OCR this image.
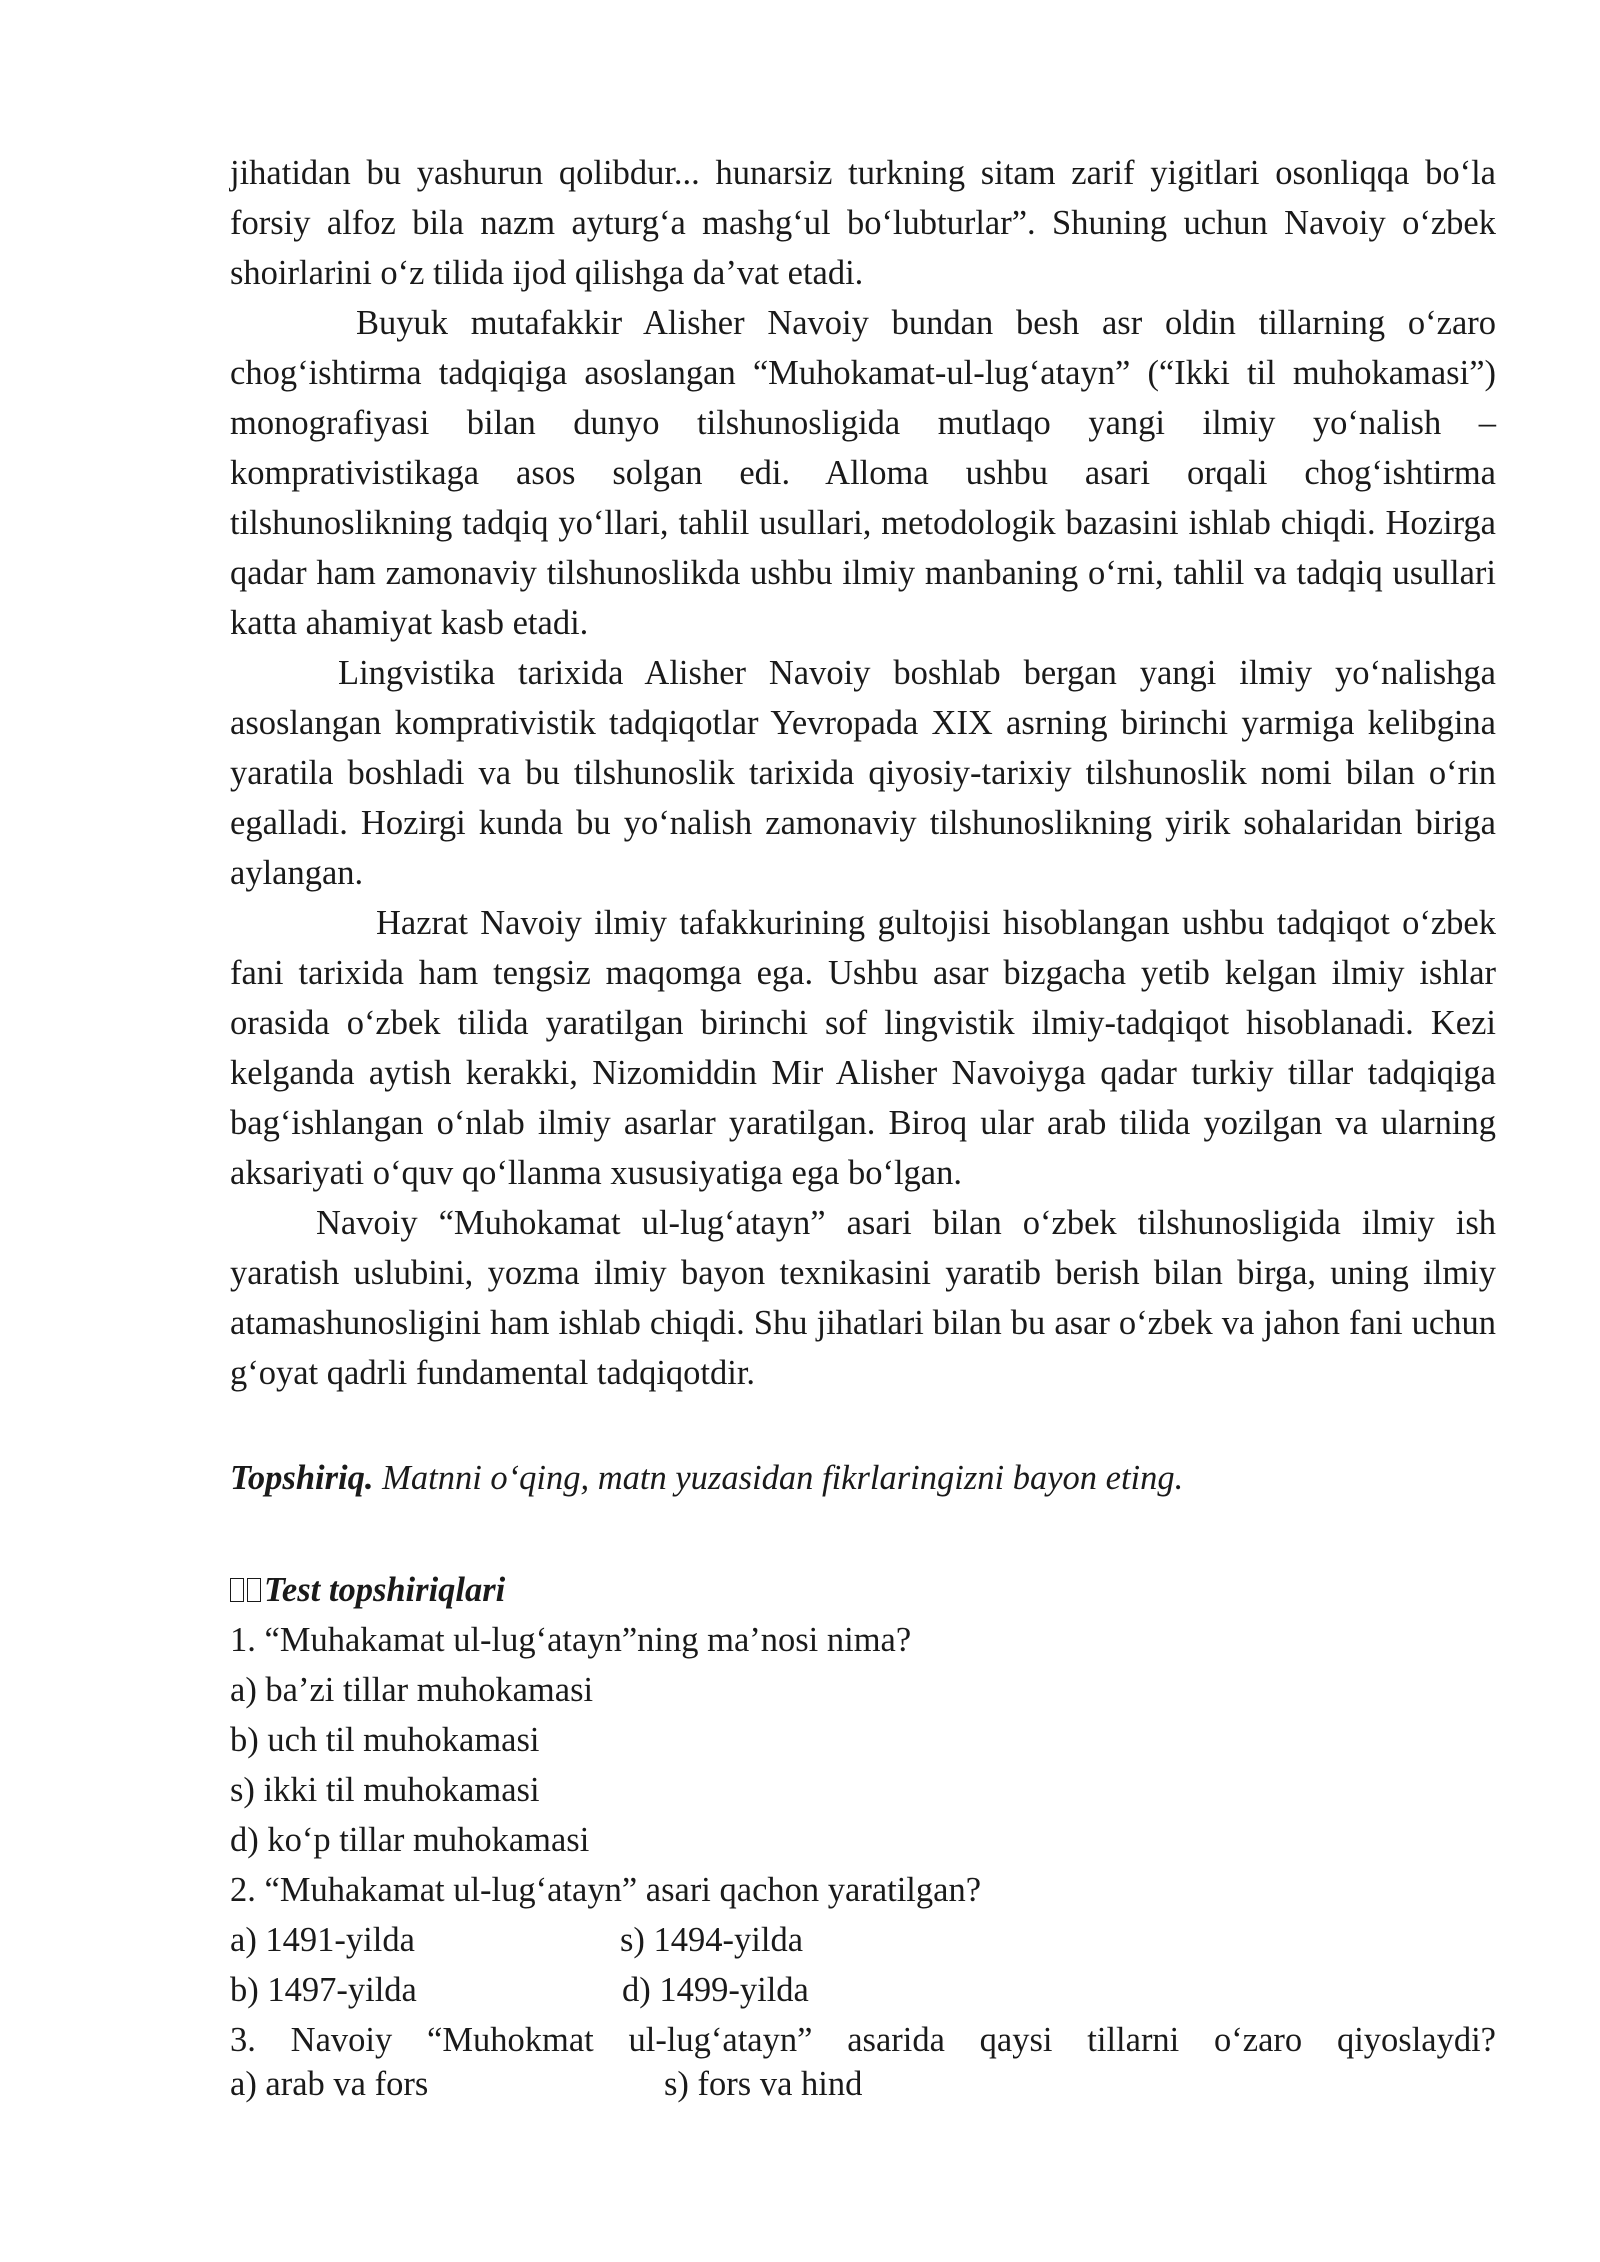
jihatidan bu yashurun qolibdur... hunarsiz turkning sitam zarif yigitlari osonliqqa bo‘la forsiy alfoz bila nazm ayturg‘a mashg‘ul bo‘lubturlar”. Shuning uchun Navoiy o‘zbek shoirlarini o‘z tilida ijod qilishga da’vat etadi.

Buyuk mutafakkir Alisher Navoiy bundan besh asr oldin tillarning o‘zaro chog‘ishtirma tadqiqiga asoslangan “Muhokamat-ul-lug‘atayn” (“Ikki til muhokamasi”) monografiyasi bilan dunyo tilshunosligida mutlaqo yangi ilmiy yo‘nalish – komprativistikaga asos solgan edi. Alloma ushbu asari orqali chog‘ishtirma tilshunoslikning tadqiq yo‘llari, tahlil usullari, metodologik bazasini ishlab chiqdi. Hozirga qadar ham zamonaviy tilshunoslikda ushbu ilmiy manbaning o‘rni, tahlil va tadqiq usullari katta ahamiyat kasb etadi.

Lingvistika tarixida Alisher Navoiy boshlab bergan yangi ilmiy yo‘nalishga asoslangan komprativistik tadqiqotlar Yevropada XIX asrning birinchi yarmiga kelibgina yaratila boshladi va bu tilshunoslik tarixida qiyosiy-tarixiy tilshunoslik nomi bilan o‘rin egalladi. Hozirgi kunda bu yo‘nalish zamonaviy tilshunoslikning yirik sohalaridan biriga aylangan.

Hazrat Navoiy ilmiy tafakkurining gultojisi hisoblangan ushbu tadqiqot o‘zbek fani tarixida ham tengsiz maqomga ega. Ushbu asar bizgacha yetib kelgan ilmiy ishlar orasida o‘zbek tilida yaratilgan birinchi sof lingvistik ilmiy-tadqiqot hisoblanadi. Kezi kelganda aytish kerakki, Nizomiddin Mir Alisher Navoiyga qadar turkiy tillar tadqiqiga bag‘ishlangan o‘nlab ilmiy asarlar yaratilgan. Biroq ular arab tilida yozilgan va ularning aksariyati o‘quv qo‘llanma xususiyatiga ega bo‘lgan.

Navoiy “Muhokamat ul-lug‘atayn” asari bilan o‘zbek tilshunosligida ilmiy ish yaratish uslubini, yozma ilmiy bayon texnikasini yaratib berish bilan birga, uning ilmiy atamashunosligini ham ishlab chiqdi. Shu jihatlari bilan bu asar o‘zbek va jahon fani uchun g‘oyat qadrli fundamental tadqiqotdir.

Topshiriq. Matnni o‘qing, matn yuzasidan fikrlaringizni bayon eting.
Test topshiriqlari
1. “Muhakamat ul-lug‘atayn”ning ma’nosi nima?
a) ba’zi tillar muhokamasi
b) uch til muhokamasi
s) ikki til muhokamasi
d) ko‘p tillar muhokamasi
2. “Muhakamat ul-lug‘atayn” asari qachon yaratilgan?
a) 1491-yilda	s) 1494-yilda
b) 1497-yilda	d) 1499-yilda
3. Navoiy “Muhokmat ul-lug‘atayn” asarida qaysi tillarni o‘zaro qiyoslaydi?
a) arab va fors	s) fors va hind
